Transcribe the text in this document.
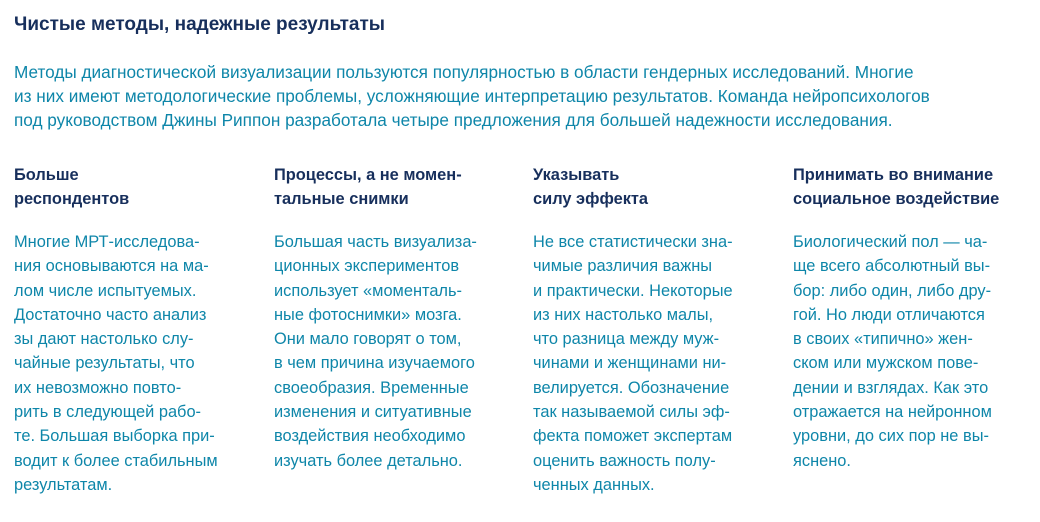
Чистые методы, надежные результаты

Методы диагностической визуализации пользуются популярностью в области гендерных исследований. Многие
из них имеют методологические проблемы, усложняющие интерпретацию результатов. Команда нейропсихологов
под руководством Джины Риппон разработала четыре предложения для большей надежности исследования.

Больше
респондентов

Многие МРТ-исследова-
ния основываются на ма-
лом числе испытуемых.
Достаточно часто анализ
зы дают настолько слу-
чайные результаты, что
их невозможно повто-
рить в следующей рабо-
те. Большая выборка при-
водит к более стабильным
результатам.

Процессы, а не момен-
тальные снимки

Большая часть визуализа-
ционных экспериментов
использует «моменталь-
ные фотоснимки» мозга.
Они мало говорят о том,
в чем причина изучаемого
своеобразия. Временные
изменения и ситуативные
воздействия необходимо
изучать более детально.

Указывать
силу эффекта

Не все статистически зна-
чимые различия важны
и практически. Некоторые
из них настолько малы,
что разница между муж-
чинами и женщинами ни-
велируется. Обозначение
так называемой силы эф-
фекта поможет экспертам
оценить важность полу-
ченных данных.

Принимать во внимание
социальное воздействие

Биологический пол — ча-
ще всего абсолютный вы-
бор: либо один, либо дру-
гой. Но люди отличаются
в своих «типично» жен-
ском или мужском пове-
дении и взглядах. Как это
отражается на нейронном
уровни, до сих пор не вы-
яснено.
